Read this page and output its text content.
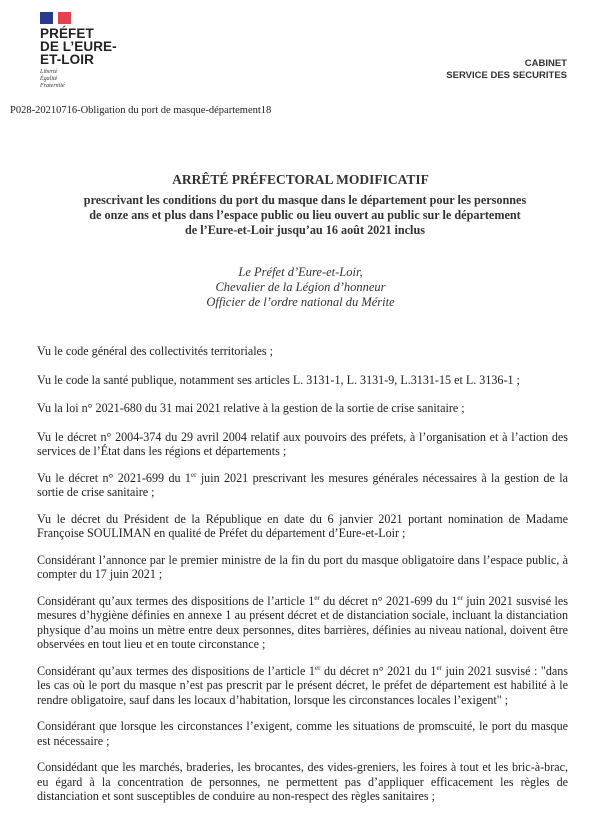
PRÉFET
DE L’EURE-
ET-LOIR
Liberté
Égalité
Fraternité
CABINET
SERVICE DES SECURITES
P028-20210716-Obligation du port de masque-département18
ARRÊTÉ PRÉFECTORAL MODIFICATIF
prescrivant les conditions du port du masque dans le département pour les personnes
de onze ans et plus dans l’espace public ou lieu ouvert au public sur le département
de l’Eure-et-Loir jusqu’au 16 août 2021 inclus
Le Préfet d’Eure-et-Loir,
Chevalier de la Légion d’honneur
Officier de l’ordre national du Mérite

Vu le code général des collectivités territoriales ;

Vu le code la santé publique, notamment ses articles L. 3131-1, L. 3131-9, L.3131-15 et L. 3136-1 ;

Vu la loi n° 2021-680 du 31 mai 2021 relative à la gestion de la sortie de crise sanitaire ;

Vu le décret n° 2004-374 du 29 avril 2004 relatif aux pouvoirs des préfets, à l’organisation et à l’action des services de l’État dans les régions et départements ;

Vu le décret n° 2021-699 du 1er juin 2021 prescrivant les mesures générales nécessaires à la gestion de la sortie de crise sanitaire ;

Vu le décret du Président de la République en date du 6 janvier 2021 portant nomination de Madame Françoise SOULIMAN en qualité de Préfet du département d’Eure-et-Loir ;

Considérant l’annonce par le premier ministre de la fin du port du masque obligatoire dans l’espace public, à compter du 17 juin 2021 ;

Considérant qu’aux termes des dispositions de l’article 1er du décret n° 2021-699 du 1er juin 2021 susvisé les mesures d’hygiène définies en annexe 1 au présent décret et de distanciation sociale, incluant la distanciation physique d’au moins un mètre entre deux personnes, dites barrières, définies au niveau national, doivent être observées en tout lieu et en toute circonstance ;

Considérant qu’aux termes des dispositions de l’article 1er du décret n° 2021 du 1er juin 2021 susvisé : "dans les cas où le port du masque n’est pas prescrit par le présent décret, le préfet de département est habilité à le rendre obligatoire, sauf dans les locaux d’habitation, lorsque les circonstances locales l’exigent" ;

Considérant que lorsque les circonstances l’exigent, comme les situations de promscuité, le port du masque est nécessaire ;

Considédant que les marchés, braderies, les brocantes, des vides-greniers, les foires à tout et les bric-à-brac, eu égard à la concentration de personnes, ne permettent pas d’appliquer efficacement les règles de distanciation et sont susceptibles de conduire au non-respect des règles sanitaires ;
